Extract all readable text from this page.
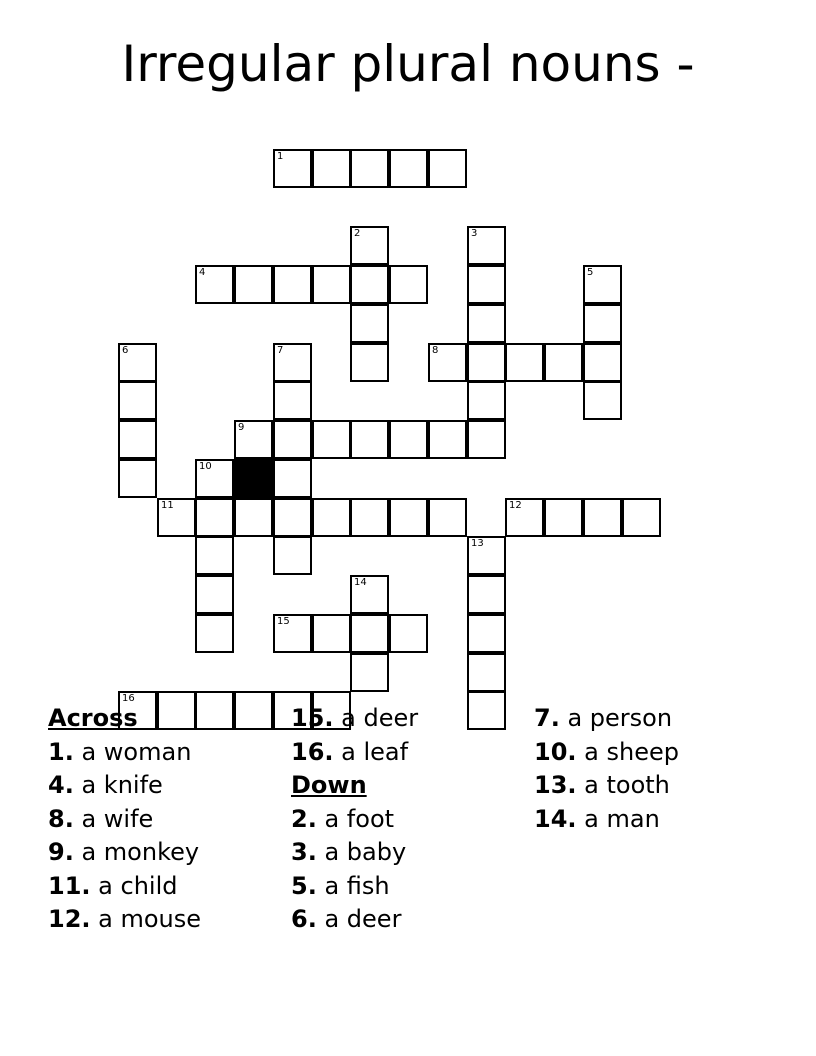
Irregular plural nouns -
1
2	3
4	5
6	7	8
9
10
11	12
13
14
15
16
Across
1. a woman
4. a knife
8. a wife
9. a monkey
11. a child
12. a mouse
15. a deer
16. a leaf
Down
2. a foot
3. a baby
5. a fish
6. a deer
7. a person
10. a sheep
13. a tooth
14. a man
